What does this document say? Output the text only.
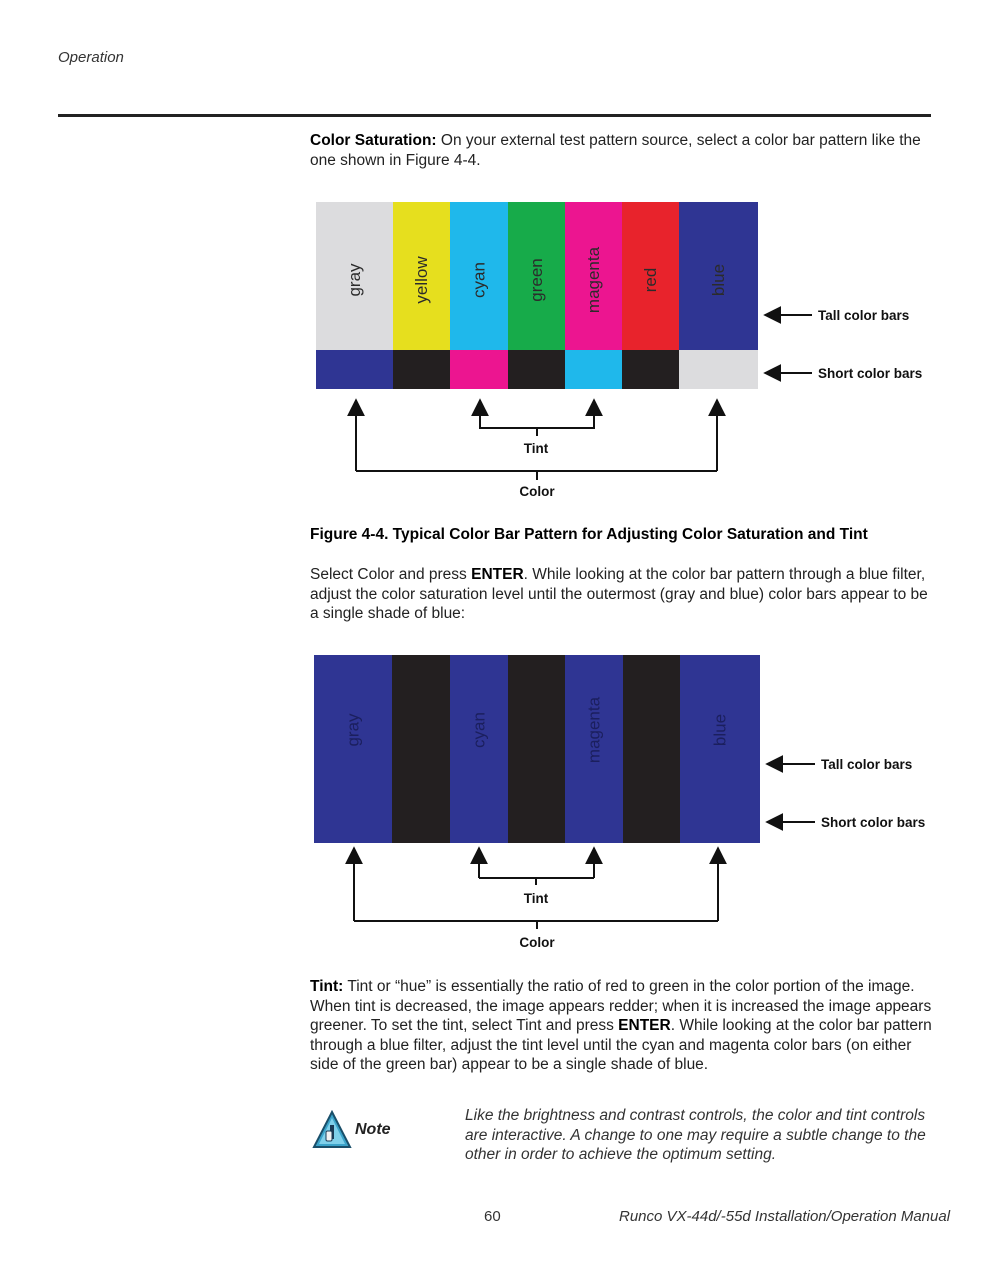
Operation
Color Saturation: On your external test pattern source, select a color bar pattern like the one shown in Figure 4-4.
gray	yellow cyan green magenta red	blue
Tall color bars
Short color bars
Tint
Color
Figure 4-4. Typical Color Bar Pattern for Adjusting Color Saturation and Tint
Select Color and press ENTER. While looking at the color bar pattern through a blue filter, adjust the color saturation level until the outermost (gray and blue) color bars appear to be a single shade of blue:
gray	cyan	magenta	blue
Tall color bars
Short color bars
Tint
Color
Tint: Tint or “hue” is essentially the ratio of red to green in the color portion of the image. When tint is decreased, the image appears redder; when it is increased the image appears greener. To set the tint, select Tint and press ENTER. While looking at the color bar pattern through a blue filter, adjust the tint level until the cyan and magenta color bars (on either side of the green bar) appear to be a single shade of blue.
Note
Like the brightness and contrast controls, the color and tint controls are interactive. A change to one may require a subtle change to the other in order to achieve the optimum setting.
60	Runco VX-44d/-55d Installation/Operation Manual
